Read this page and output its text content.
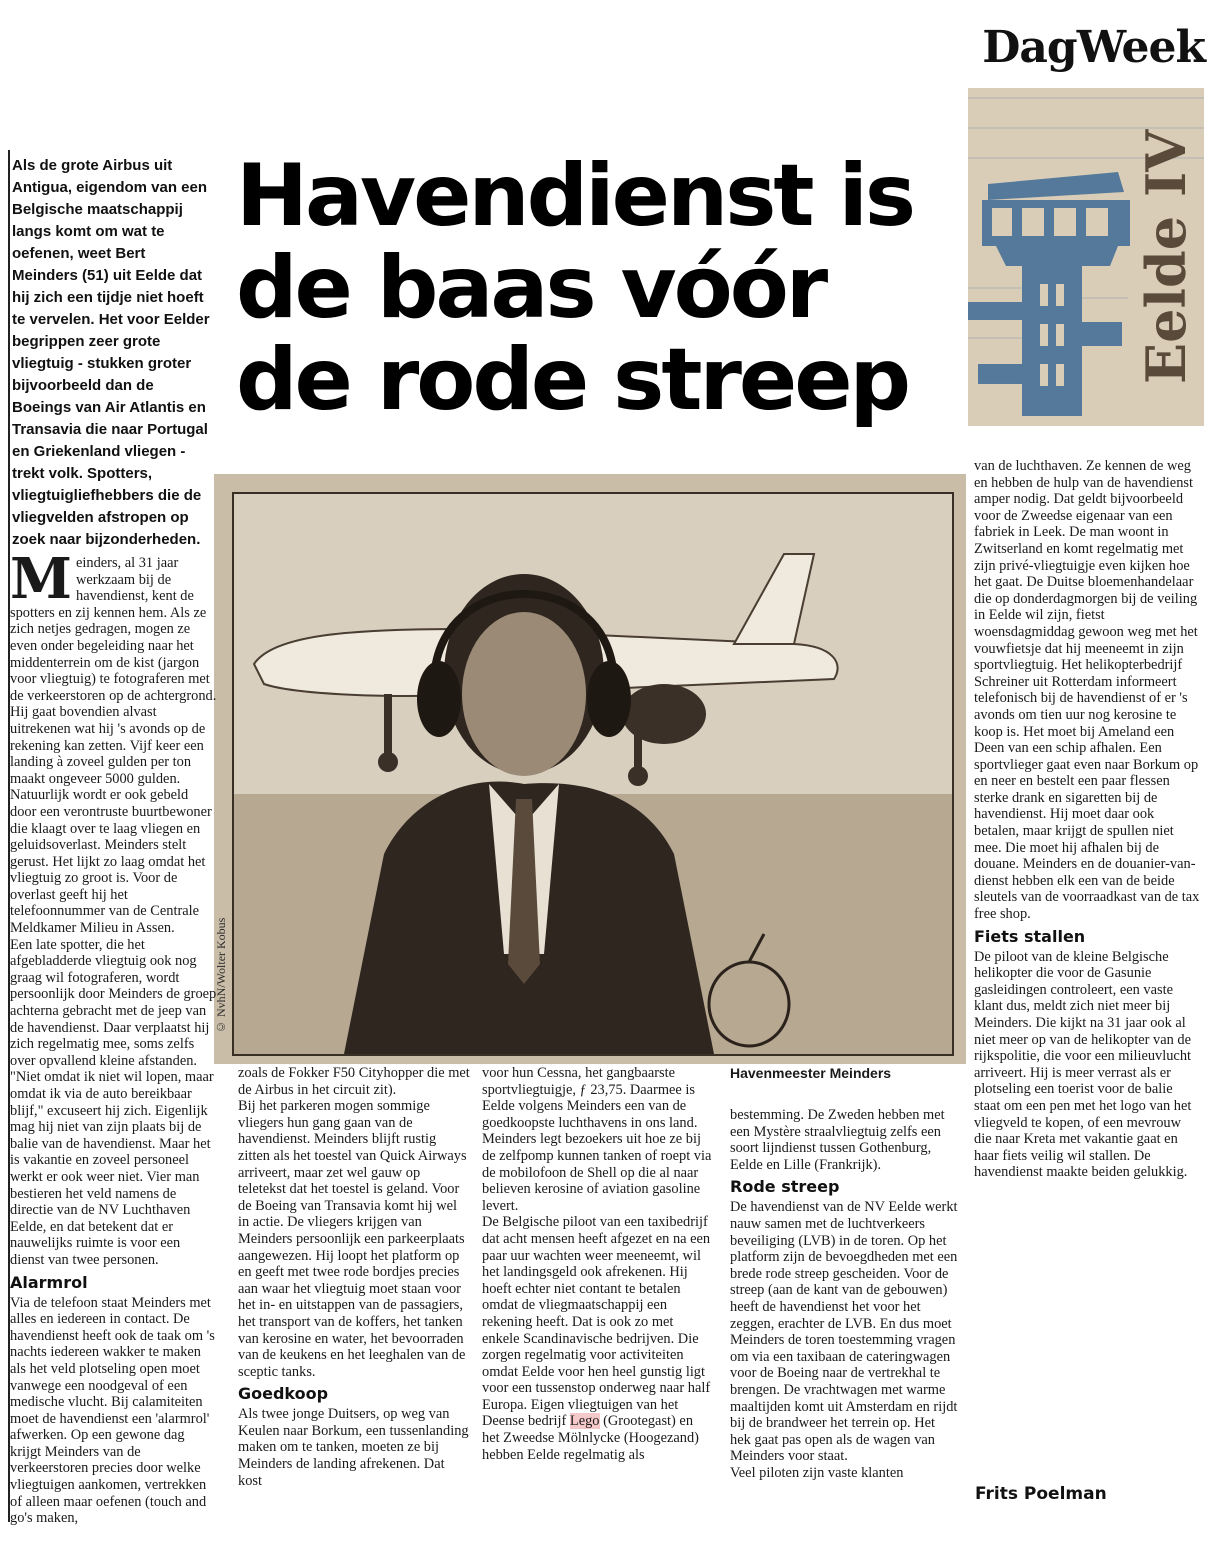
DagWeek
Eelde IV
Als de grote Airbus uit Antigua, eigendom van een Belgische maatschappij langs komt om wat te oefenen, weet Bert Meinders (51) uit Eelde dat hij zich een tijdje niet hoeft te vervelen. Het voor Eelder begrippen zeer grote vliegtuig - stukken groter bijvoorbeeld dan de Boeings van Air Atlantis en Transavia die naar Portugal en Griekenland vliegen - trekt volk. Spotters, vliegtuigliefhebbers die de vliegvelden afstropen op zoek naar bijzonderheden.
Havendienst is
de baas vóór
de rode streep
© NvhN/Wolter Kobus

Meinders, al 31 jaar werkzaam bij de havendienst, kent de spotters en zij kennen hem. Als ze zich netjes gedragen, mogen ze even onder begeleiding naar het middenterrein om de kist (jargon voor vliegtuig) te fotograferen met de verkeerstoren op de achtergrond. Hij gaat bovendien alvast uitrekenen wat hij 's avonds op de rekening kan zetten. Vijf keer een landing à zoveel gulden per ton maakt ongeveer 5000 gulden. Natuurlijk wordt er ook gebeld door een verontruste buurtbewoner die klaagt over te laag vliegen en geluidsoverlast. Meinders stelt gerust. Het lijkt zo laag omdat het vliegtuig zo groot is. Voor de overlast geeft hij het telefoonnummer van de Centrale Meldkamer Milieu in Assen.

Een late spotter, die het afgebladderde vliegtuig ook nog graag wil fotograferen, wordt persoonlijk door Meinders de groep achterna gebracht met de jeep van de havendienst. Daar verplaatst hij zich regelmatig mee, soms zelfs over opvallend kleine afstanden. "Niet omdat ik niet wil lopen, maar omdat ik via de auto bereikbaar blijf," excuseert hij zich. Eigenlijk mag hij niet van zijn plaats bij de balie van de havendienst. Maar het is vakantie en zoveel personeel werkt er ook weer niet. Vier man bestieren het veld namens de directie van de NV Luchthaven Eelde, en dat betekent dat er nauwelijks ruimte is voor een dienst van twee personen.

Alarmrol

Via de telefoon staat Meinders met alles en iedereen in contact. De havendienst heeft ook de taak om 's nachts iedereen wakker te maken als het veld plotseling open moet vanwege een noodgeval of een medische vlucht. Bij calamiteiten moet de havendienst een 'alarmrol' afwerken. Op een gewone dag krijgt Meinders van de verkeerstoren precies door welke vliegtuigen aankomen, vertrekken of alleen maar oefenen (touch and go's maken,

zoals de Fokker F50 Cityhopper die met de Airbus in het circuit zit).

Bij het parkeren mogen sommige vliegers hun gang gaan van de havendienst. Meinders blijft rustig zitten als het toestel van Quick Airways arriveert, maar zet wel gauw op teletekst dat het toestel is geland. Voor de Boeing van Transavia komt hij wel in actie. De vliegers krijgen van Meinders persoonlijk een parkeerplaats aangewezen. Hij loopt het platform op en geeft met twee rode bordjes precies aan waar het vliegtuig moet staan voor het in- en uitstappen van de passagiers, het transport van de koffers, het tanken van kerosine en water, het bevoorraden van de keukens en het leeghalen van de sceptic tanks.

Goedkoop

Als twee jonge Duitsers, op weg van Keulen naar Borkum, een tussenlanding maken om te tanken, moeten ze bij Meinders de landing afrekenen. Dat kost

voor hun Cessna, het gangbaarste sportvliegtuigje, ƒ 23,75. Daarmee is Eelde volgens Meinders een van de goedkoopste luchthavens in ons land. Meinders legt bezoekers uit hoe ze bij de zelfpomp kunnen tanken of roept via de mobilofoon de Shell op die al naar believen kerosine of aviation gasoline levert.

De Belgische piloot van een taxibedrijf dat acht mensen heeft afgezet en na een paar uur wachten weer meeneemt, wil het landingsgeld ook afrekenen. Hij hoeft echter niet contant te betalen omdat de vliegmaatschappij een rekening heeft. Dat is ook zo met enkele Scandinavische bedrijven. Die zorgen regelmatig voor activiteiten omdat Eelde voor hen heel gunstig ligt voor een tussenstop onderweg naar half Europa. Eigen vliegtuigen van het Deense bedrijf Lego (Grootegast) en het Zweedse Mölnlycke (Hoogezand) hebben Eelde regelmatig als

Havenmeester Meinders

bestemming. De Zweden hebben met een Mystère straalvliegtuig zelfs een soort lijndienst tussen Gothenburg, Eelde en Lille (Frankrijk).

Rode streep

De havendienst van de NV Eelde werkt nauw samen met de luchtverkeers beveiliging (LVB) in de toren. Op het platform zijn de bevoegdheden met een brede rode streep gescheiden. Voor de streep (aan de kant van de gebouwen) heeft de havendienst het voor het zeggen, erachter de LVB. En dus moet Meinders de toren toestemming vragen om via een taxibaan de cateringwagen voor de Boeing naar de vertrekhal te brengen. De vrachtwagen met warme maaltijden komt uit Amsterdam en rijdt bij de brandweer het terrein op. Het hek gaat pas open als de wagen van Meinders voor staat.

Veel piloten zijn vaste klanten

van de luchthaven. Ze kennen de weg en hebben de hulp van de havendienst amper nodig. Dat geldt bijvoorbeeld voor de Zweedse eigenaar van een fabriek in Leek. De man woont in Zwitserland en komt regelmatig met zijn privé-vliegtuigje even kijken hoe het gaat. De Duitse bloemenhandelaar die op donderdagmorgen bij de veiling in Eelde wil zijn, fietst woensdagmiddag gewoon weg met het vouwfietsje dat hij meeneemt in zijn sportvliegtuig. Het helikopterbedrijf Schreiner uit Rotterdam informeert telefonisch bij de havendienst of er 's avonds om tien uur nog kerosine te koop is. Het moet bij Ameland een Deen van een schip afhalen. Een sportvlieger gaat even naar Borkum op en neer en bestelt een paar flessen sterke drank en sigaretten bij de havendienst. Hij moet daar ook betalen, maar krijgt de spullen niet mee. Die moet hij afhalen bij de douane. Meinders en de douanier-van-dienst hebben elk een van de beide sleutels van de voorraadkast van de tax free shop.

Fiets stallen

De piloot van de kleine Belgische helikopter die voor de Gasunie gasleidingen controleert, een vaste klant dus, meldt zich niet meer bij Meinders. Die kijkt na 31 jaar ook al niet meer op van de helikopter van de rijkspolitie, die voor een milieuvlucht arriveert. Hij is meer verrast als er plotseling een toerist voor de balie staat om een pen met het logo van het vliegveld te kopen, of een mevrouw die naar Kreta met vakantie gaat en haar fiets veilig wil stallen. De havendienst maakte beiden gelukkig.

Frits Poelman
